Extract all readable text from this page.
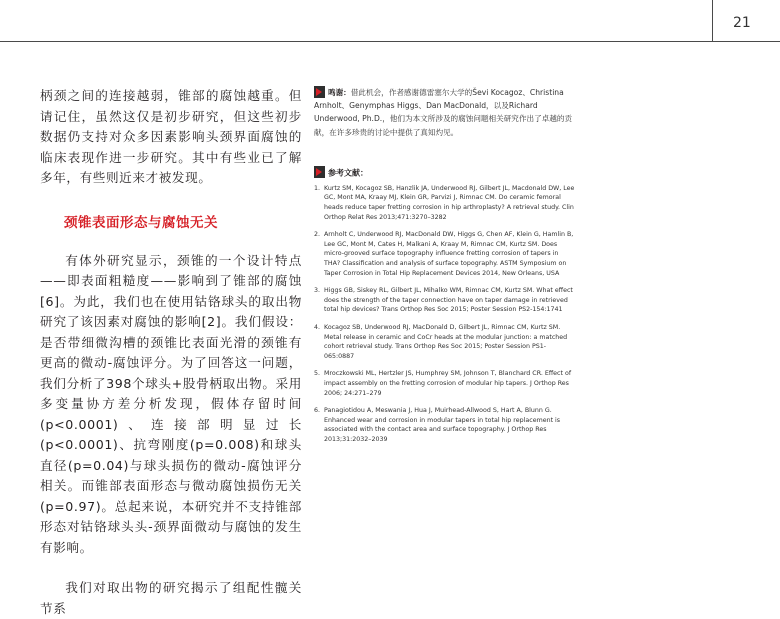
21

柄颈之间的连接越弱，锥部的腐蚀越重。但请记住，虽然这仅是初步研究，但这些初步数据仍支持对众多因素影响头颈界面腐蚀的临床表现作进一步研究。其中有些业已了解多年，有些则近来才被发现。

颈锥表面形态与腐蚀无关

有体外研究显示，颈锥的一个设计特点——即表面粗糙度——影响到了锥部的腐蚀[6]。为此，我们也在使用钴铬球头的取出物研究了该因素对腐蚀的影响[2]。我们假设：是否带细微沟槽的颈锥比表面光滑的颈锥有更高的微动-腐蚀评分。为了回答这一问题，我们分析了398个球头+股骨柄取出物。采用多变量协方差分析发现，假体存留时间(p<0.0001)、连接部明显过长(p<0.0001)、抗弯刚度(p=0.008)和球头直径(p=0.04)与球头损伤的微动-腐蚀评分相关。而锥部表面形态与微动腐蚀损伤无关(p=0.97)。总起来说，本研究并不支持锥部形态对钴铬球头头-颈界面微动与腐蚀的发生有影响。

我们对取出物的研究揭示了组配性髋关节系

鸣谢：借此机会，作者感谢德雷塞尔大学的Ševi Kocagoz、Christina Arnholt、Genymphas Higgs、Dan MacDonald，以及Richard Underwood, Ph.D.，他们为本文所涉及的腐蚀问题相关研究作出了卓越的贡献，在许多珍贵的讨论中提供了真知灼见。

参考文献：
1. Kurtz SM, Kocagoz SB, Hanzlik JA, Underwood RJ, Gilbert JL, Macdonald DW, Lee GC, Mont MA, Kraay MJ, Klein GR, Parvizi J, Rimnac CM. Do ceramic femoral heads reduce taper fretting corrosion in hip arthroplasty? A retrieval study. Clin Orthop Relat Res 2013;471:3270–3282
2. Arnholt C, Underwood RJ, MacDonald DW, Higgs G, Chen AF, Klein G, Hamlin B, Lee GC, Mont M, Cates H, Malkani A, Kraay M, Rimnac CM, Kurtz SM. Does micro-grooved surface topography influence fretting corrosion of tapers in THA? Classification and analysis of surface topography. ASTM Symposium on Taper Corrosion in Total Hip Replacement Devices 2014, New Orleans, USA
3. Higgs GB, Siskey RL, Gilbert JL, Mihalko WM, Rimnac CM, Kurtz SM. What effect does the strength of the taper connection have on taper damage in retrieved total hip devices? Trans Orthop Res Soc 2015; Poster Session PS2-154:1741
4. Kocagoz SB, Underwood RJ, MacDonald D, Gilbert JL, Rimnac CM, Kurtz SM. Metal release in ceramic and CoCr heads at the modular junction: a matched cohort retrieval study. Trans Orthop Res Soc 2015; Poster Session PS1-065:0887
5. Mroczkowski ML, Hertzler JS, Humphrey SM, Johnson T, Blanchard CR. Effect of impact assembly on the fretting corrosion of modular hip tapers. J Orthop Res 2006; 24:271–279
6. Panagiotidou A, Meswania J, Hua J, Muirhead-Allwood S, Hart A, Blunn G. Enhanced wear and corrosion in modular tapers in total hip replacement is associated with the contact area and surface topography. J Orthop Res 2013;31:2032–2039
